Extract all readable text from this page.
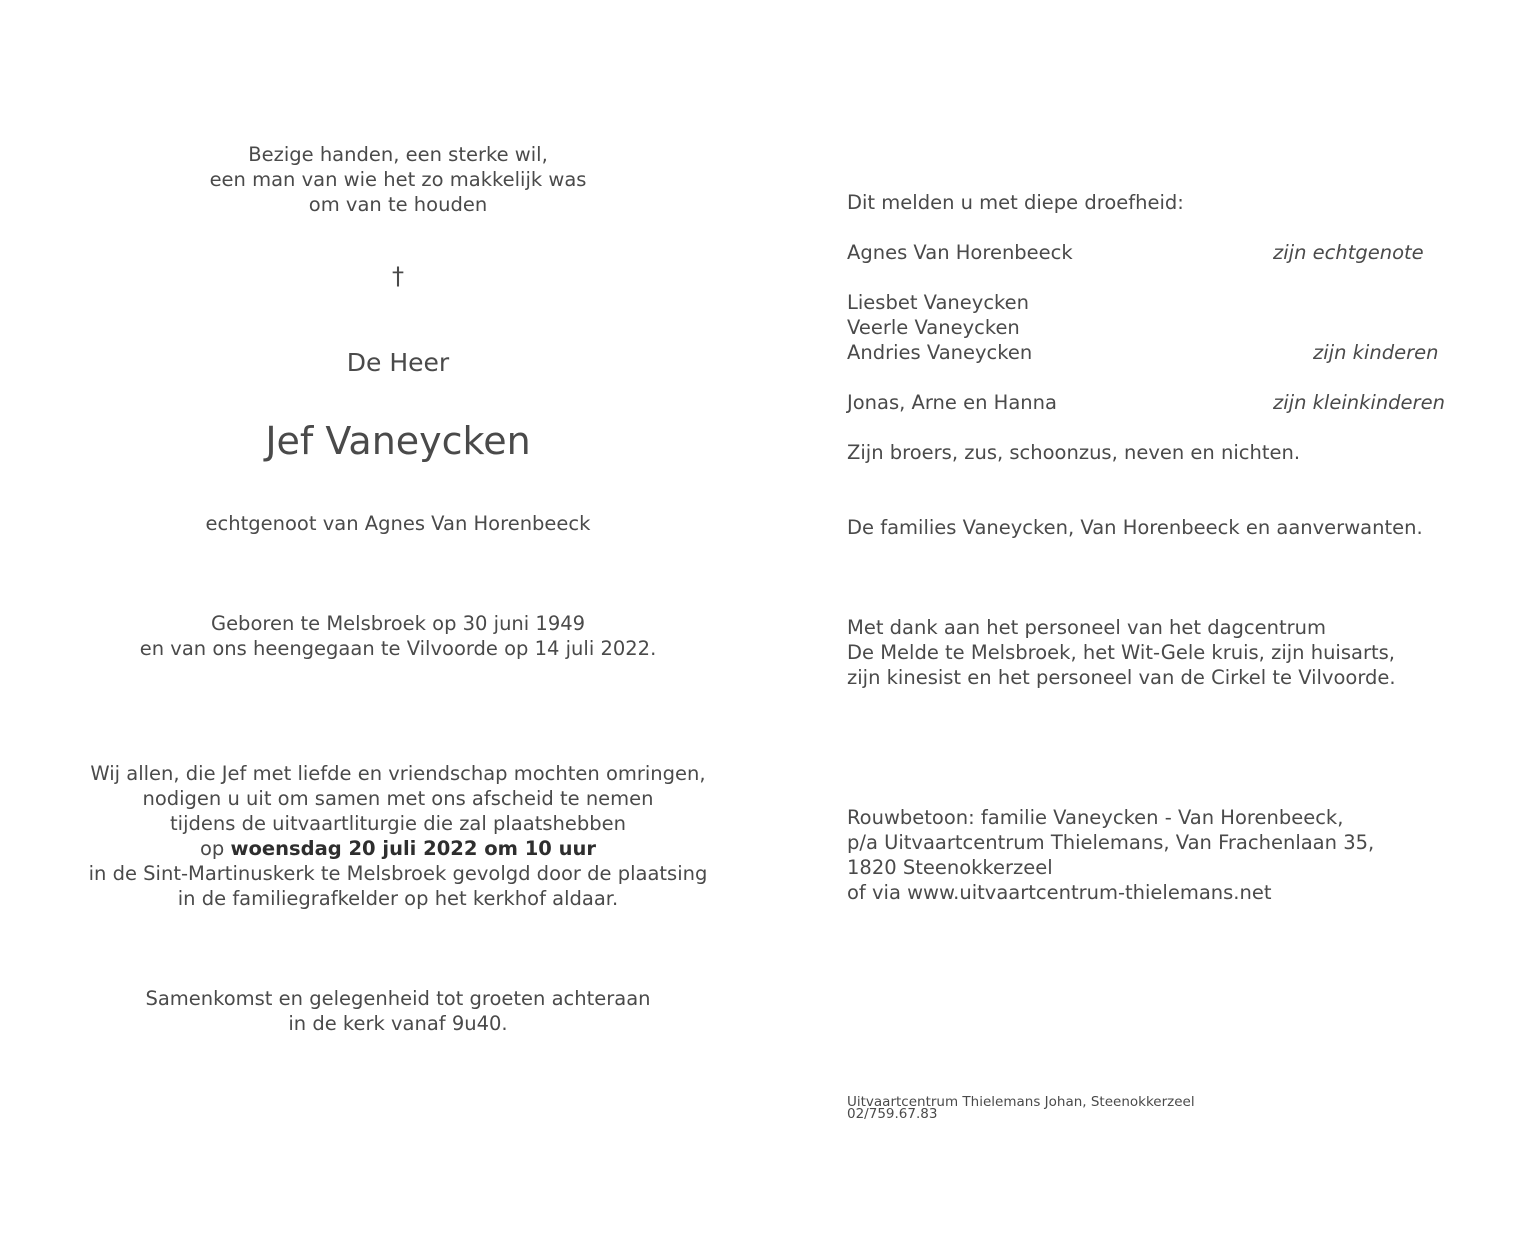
Bezige handen, een sterke wil,
een man van wie het zo makkelijk was
om van te houden
†
De Heer
Jef Vaneycken
echtgenoot van Agnes Van Horenbeeck
Geboren te Melsbroek op 30 juni 1949
en van ons heengegaan te Vilvoorde op 14 juli 2022.
Wij allen, die Jef met liefde en vriendschap mochten omringen,
nodigen u uit om samen met ons afscheid te nemen
tijdens de uitvaartliturgie die zal plaatshebben
op woensdag 20 juli 2022 om 10 uur
in de Sint-Martinuskerk te Melsbroek gevolgd door de plaatsing
in de familiegrafkelder op het kerkhof aldaar.
Samenkomst en gelegenheid tot groeten achteraan
in de kerk vanaf 9u40.
Dit melden u met diepe droefheid:
Agnes Van Horenbeeck	zijn echtgenote
Liesbet Vaneycken
Veerle Vaneycken
Andries Vaneycken	zijn kinderen
Jonas, Arne en Hanna	zijn kleinkinderen
Zijn broers, zus, schoonzus, neven en nichten.
De families Vaneycken, Van Horenbeeck en aanverwanten.
Met dank aan het personeel van het dagcentrum
De Melde te Melsbroek, het Wit-Gele kruis, zijn huisarts,
zijn kinesist en het personeel van de Cirkel te Vilvoorde.
Rouwbetoon: familie Vaneycken - Van Horenbeeck,
p/a Uitvaartcentrum Thielemans, Van Frachenlaan 35,
1820 Steenokkerzeel
of via www.uitvaartcentrum-thielemans.net
Uitvaartcentrum Thielemans Johan, Steenokkerzeel
02/759.67.83
